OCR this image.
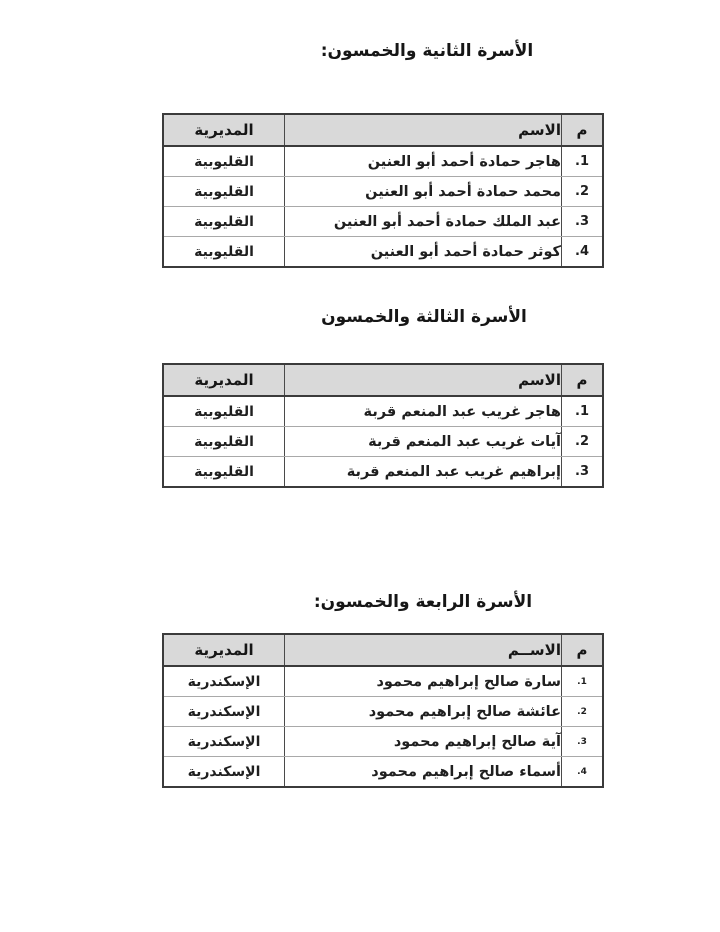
الأسرة الثانية والخمسون:
م	الاسم	المديرية
.1	هاجر حمادة أحمد أبو العنين	القليوبية
.2	محمد حمادة أحمد أبو العنين	القليوبية
.3	عبد الملك حمادة أحمد أبو العنين	القليوبية
.4	كوثر حمادة أحمد أبو العنين	القليوبية
الأسرة الثالثة والخمسون
م	الاسم	المديرية
.1	هاجر غريب عبد المنعم قربة	القليوبية
.2	آيات غريب عبد المنعم قربة	القليوبية
.3	إبراهيم غريب عبد المنعم قربة	القليوبية
الأسرة الرابعة والخمسون:
م	الاســم	المديرية
.1	سارة صالح إبراهيم محمود	الإسكندرية
.2	عائشة صالح إبراهيم محمود	الإسكندرية
.3	آية صالح إبراهيم محمود	الإسكندرية
.4	أسماء صالح إبراهيم محمود	الإسكندرية
